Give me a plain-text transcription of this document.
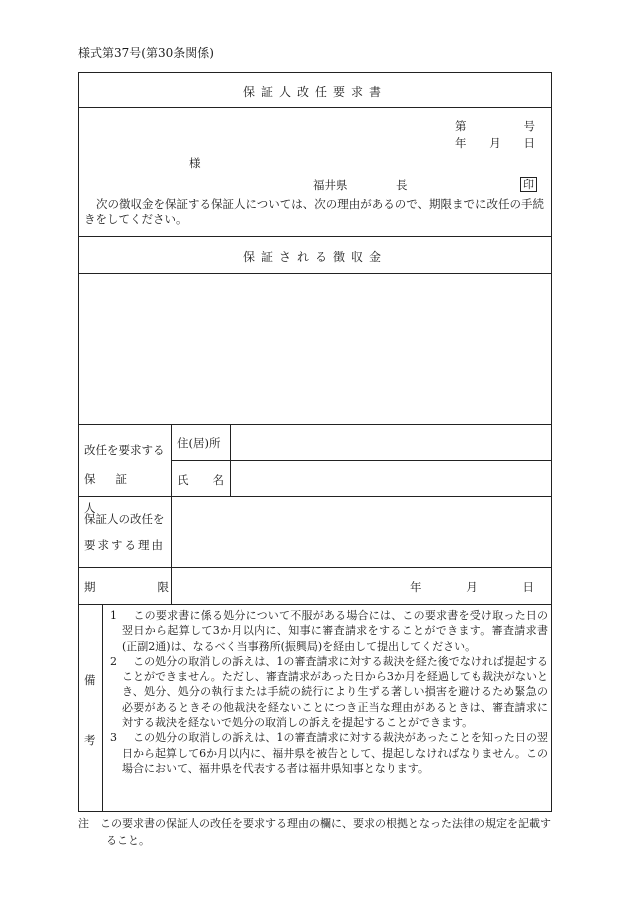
様式第37号(第30条関係)
保証人改任要求書
第	号
年 月 日
様
福井県	長	印
次の徴収金を保証する保証人については、次の理由があるので、期限までに改任の手続きをしてください。
保証される徴収金
改任を要求する
保証人
住(居)所
氏名
保証人の改任を
要求する理由
期限	年	月	日
備
考
1　 この要求書に係る処分について不服がある場合には、この要求書を受け取った日の翌日から起算して3か月以内に、知事に審査請求をすることができます。審査請求書(正副2通)は、なるべく当事務所(振興局)を経由して提出してください。
2　 この処分の取消しの訴えは、1の審査請求に対する裁決を経た後でなければ提起することができません。ただし、審査請求があった日から3か月を経過しても裁決がないとき、処分、処分の執行または手続の続行により生ずる著しい損害を避けるため緊急の必要があるときその他裁決を経ないことにつき正当な理由があるときは、審査請求に対する裁決を経ないで処分の取消しの訴えを提起することができます。
3　 この処分の取消しの訴えは、1の審査請求に対する裁決があったことを知った日の翌日から起算して6か月以内に、福井県を被告として、提起しなければなりません。この場合において、福井県を代表する者は福井県知事となります。
注　 この要求書の保証人の改任を要求する理由の欄に、要求の根拠となった法律の規定を記載すること。
